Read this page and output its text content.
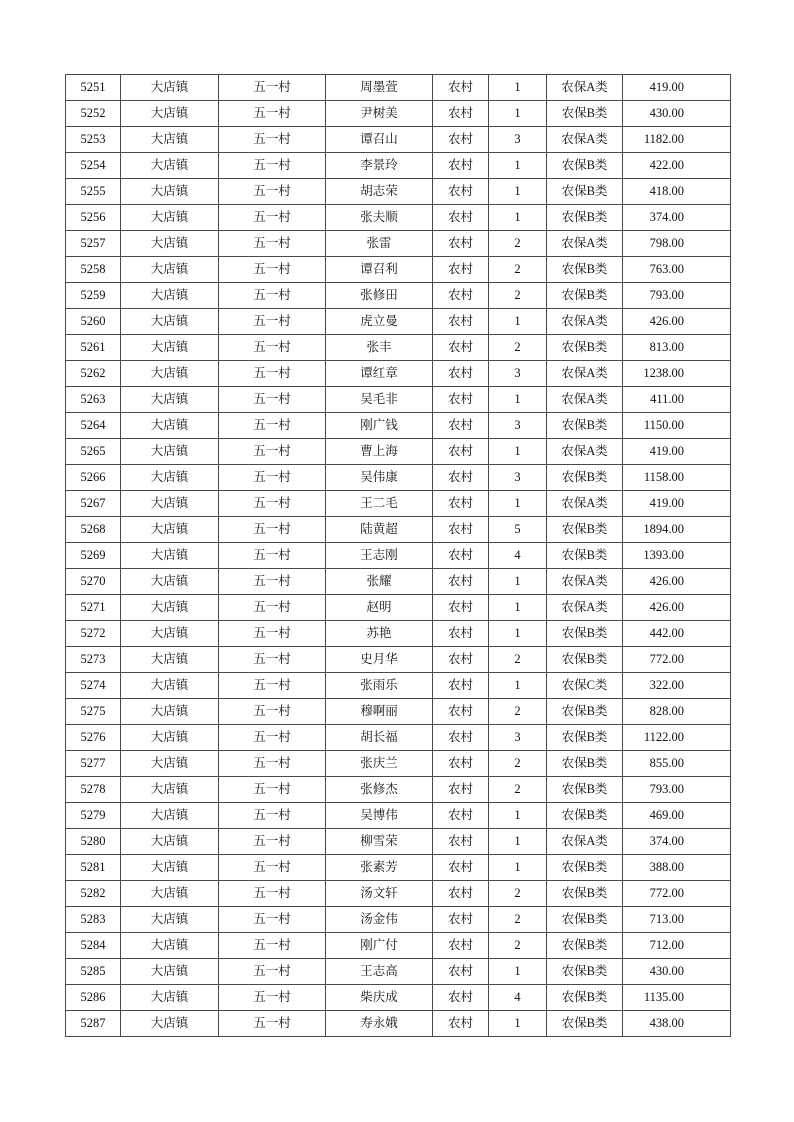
5251	大店镇	五一村	周墨萱	农村	1	农保A类	419.00
5252	大店镇	五一村	尹树美	农村	1	农保B类	430.00
5253	大店镇	五一村	谭召山	农村	3	农保A类	1182.00
5254	大店镇	五一村	李景玲	农村	1	农保B类	422.00
5255	大店镇	五一村	胡志荣	农村	1	农保B类	418.00
5256	大店镇	五一村	张夫顺	农村	1	农保B类	374.00
5257	大店镇	五一村	张雷	农村	2	农保A类	798.00
5258	大店镇	五一村	谭召利	农村	2	农保B类	763.00
5259	大店镇	五一村	张修田	农村	2	农保B类	793.00
5260	大店镇	五一村	虎立曼	农村	1	农保A类	426.00
5261	大店镇	五一村	张丰	农村	2	农保B类	813.00
5262	大店镇	五一村	谭红章	农村	3	农保A类	1238.00
5263	大店镇	五一村	吴毛非	农村	1	农保A类	411.00
5264	大店镇	五一村	刚广钱	农村	3	农保B类	1150.00
5265	大店镇	五一村	曹上海	农村	1	农保A类	419.00
5266	大店镇	五一村	吴伟康	农村	3	农保B类	1158.00
5267	大店镇	五一村	王二毛	农村	1	农保A类	419.00
5268	大店镇	五一村	陆黄超	农村	5	农保B类	1894.00
5269	大店镇	五一村	王志刚	农村	4	农保B类	1393.00
5270	大店镇	五一村	张耀	农村	1	农保A类	426.00
5271	大店镇	五一村	赵明	农村	1	农保A类	426.00
5272	大店镇	五一村	苏艳	农村	1	农保B类	442.00
5273	大店镇	五一村	史月华	农村	2	农保B类	772.00
5274	大店镇	五一村	张雨乐	农村	1	农保C类	322.00
5275	大店镇	五一村	穆啊丽	农村	2	农保B类	828.00
5276	大店镇	五一村	胡长福	农村	3	农保B类	1122.00
5277	大店镇	五一村	张庆兰	农村	2	农保B类	855.00
5278	大店镇	五一村	张修杰	农村	2	农保B类	793.00
5279	大店镇	五一村	吴博伟	农村	1	农保B类	469.00
5280	大店镇	五一村	柳雪荣	农村	1	农保A类	374.00
5281	大店镇	五一村	张素芳	农村	1	农保B类	388.00
5282	大店镇	五一村	汤文轩	农村	2	农保B类	772.00
5283	大店镇	五一村	汤金伟	农村	2	农保B类	713.00
5284	大店镇	五一村	刚广付	农村	2	农保B类	712.00
5285	大店镇	五一村	王志高	农村	1	农保B类	430.00
5286	大店镇	五一村	柴庆成	农村	4	农保B类	1135.00
5287	大店镇	五一村	寿永娥	农村	1	农保B类	438.00
